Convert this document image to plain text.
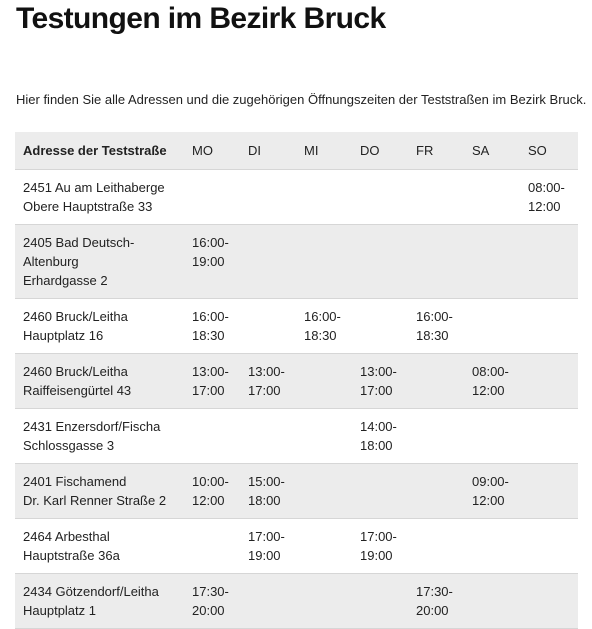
Testungen im Bezirk Bruck

Hier finden Sie alle Adressen und die zugehörigen Öffnungszeiten der Teststraßen im Bezirk Bruck.

Adresse der Teststraße	MO	DI	MI	DO	FR	SA	SO

2451 Au am Leithaberge
Obere Hauptstraße 33							08:00-12:00

2405 Bad Deutsch-
Altenburg
Erhardgasse 2	16:00-19:00						

2460 Bruck/Leitha
Hauptplatz 16	16:00-18:30		16:00-18:30		16:00-18:30		

2460 Bruck/Leitha
Raiffeisengürtel 43	13:00-17:00	13:00-17:00		13:00-17:00		08:00-12:00	

2431 Enzersdorf/Fischa
Schlossgasse 3				14:00-18:00			

2401 Fischamend
Dr. Karl Renner Straße 2	10:00-12:00	15:00-18:00				09:00-12:00	

2464 Arbesthal
Hauptstraße 36a		17:00-19:00		17:00-19:00			

2434 Götzendorf/Leitha
Hauptplatz 1	17:30-20:00				17:30-20:00		
